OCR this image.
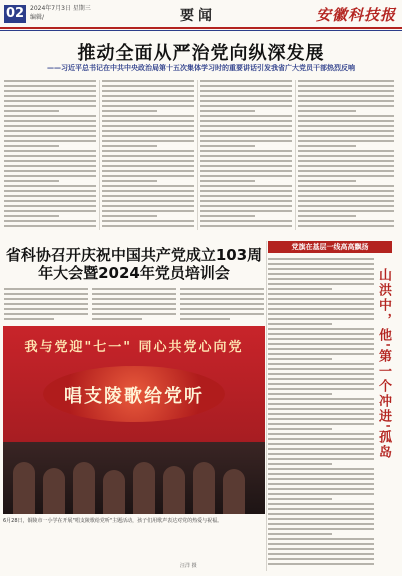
02 2024年7月3日 星期三
编辑/	要闻	安徽科技报
推动全面从严治党向纵深发展
——习近平总书记在中共中央政治局第十五次集体学习时的重要讲话引发我省广大党员干部热烈反响
省科协召开庆祝中国共产党成立103周年大会暨2024年党员培训会
我与党迎"七一" 同心共党心向党
唱支陵歌给党听
6月28日，铜陵市一小学在开展"唱支陵歌给党听"主题活动，孩子们用歌声表达对党的热爱与祝福。
汪洋 摄
党旗在基层一线高高飘扬
山洪中，他'第一个冲进'孤岛
